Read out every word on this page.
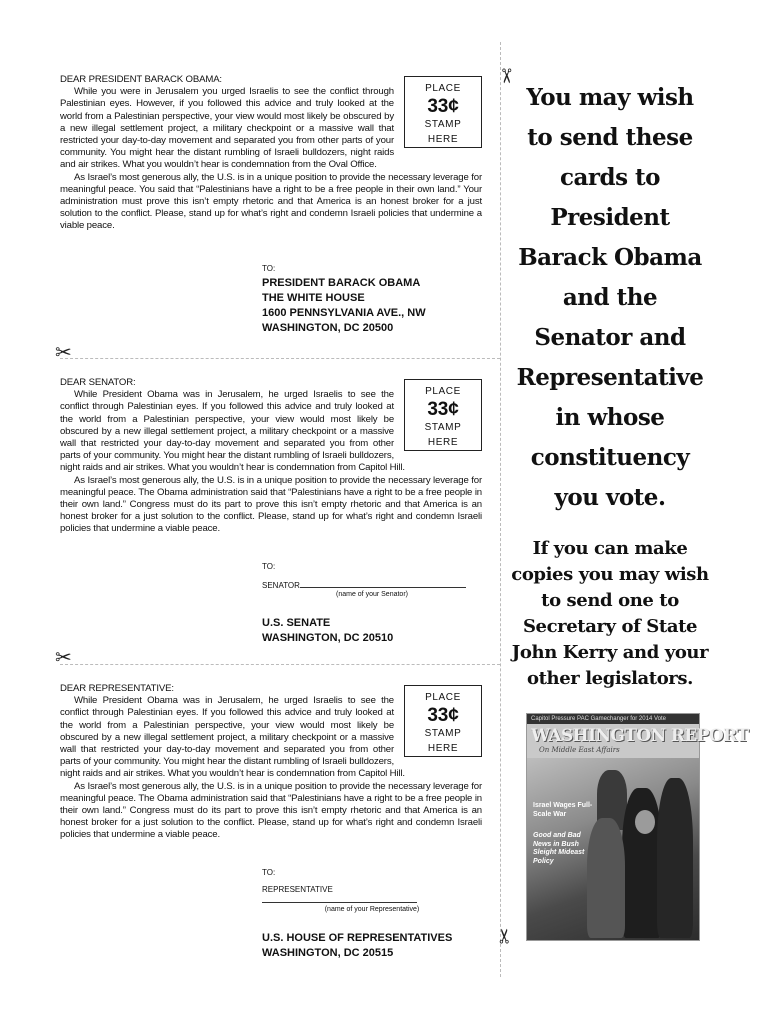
✂
✂
✂
✂
PLACE
33¢
STAMP
HERE
DEAR PRESIDENT BARACK OBAMA:
While you were in Jerusalem you urged Israelis to see the conflict through Palestinian eyes. However, if you followed this advice and truly looked at the world from a Palestinian perspective, your view would most likely be obscured by a new illegal settlement project, a military checkpoint or a massive wall that restricted your day-to-day movement and separated you from other parts of your community. You might hear the distant rumbling of Israeli bulldozers, night raids and air strikes. What you wouldn’t hear is condemnation from the Oval Office.
As Israel’s most generous ally, the U.S. is in a unique position to provide the necessary leverage for meaningful peace. You said that “Palestinians have a right to be a free people in their own land.” Your administration must prove this isn’t empty rhetoric and that America is an honest broker for a just solution to the conflict. Please, stand up for what’s right and condemn Israeli policies that undermine a viable peace.
TO:
PRESIDENT BARACK OBAMA
THE WHITE HOUSE
1600 PENNSYLVANIA AVE., NW
WASHINGTON, DC 20500
PLACE
33¢
STAMP
HERE
DEAR SENATOR:
While President Obama was in Jerusalem, he urged Israelis to see the conflict through Palestinian eyes. If you followed this advice and truly looked at the world from a Palestinian perspective, your view would most likely be obscured by a new illegal settlement project, a military checkpoint or a massive wall that restricted your day-to-day movement and separated you from other parts of your community. You might hear the distant rumbling of Israeli bulldozers, night raids and air strikes. What you wouldn’t hear is condemnation from Capitol Hill.
As Israel’s most generous ally, the U.S. is in a unique position to provide the necessary leverage for meaningful peace. The Obama administration said that “Palestinians have a right to be a free people in their own land.” Congress must do its part to prove this isn’t empty rhetoric and that America is an honest broker for a just solution to the conflict. Please, stand up for what’s right and condemn Israeli policies that undermine a viable peace.
TO:
SENATOR
(name of your Senator)
U.S. SENATE
WASHINGTON, DC 20510
PLACE
33¢
STAMP
HERE
DEAR REPRESENTATIVE:
While President Obama was in Jerusalem, he urged Israelis to see the conflict through Palestinian eyes. If you followed this advice and truly looked at the world from a Palestinian perspective, your view would most likely be obscured by a new illegal settlement project, a military checkpoint or a massive wall that restricted your day-to-day movement and separated you from other parts of your community. You might hear the distant rumbling of Israeli bulldozers, night raids and air strikes. What you wouldn’t hear is condemnation from Capitol Hill.
As Israel’s most generous ally, the U.S. is in a unique position to provide the necessary leverage for meaningful peace. The Obama administration said that “Palestinians have a right to be a free people in their own land.” Congress must do its part to prove this isn’t empty rhetoric and that America is an honest broker for a just solution to the conflict. Please, stand up for what’s right and condemn Israeli policies that undermine a viable peace.
TO:
REPRESENTATIVE
(name of your Representative)
U.S. HOUSE OF REPRESENTATIVES
WASHINGTON, DC 20515
You may wish
to send these
cards to
President
Barack Obama
and the
Senator and
Representative
in whose
constituency
you vote.
If you can make
copies you may wish
to send one to
Secretary of State
John Kerry and your
other legislators.
Capitol Pressure PAC Gamechanger for 2014 Vote
WASHINGTON REPORT
On Middle East Affairs
Israel Wages Full-Scale War
Good and Bad News in Bush Sleight Mideast Policy
